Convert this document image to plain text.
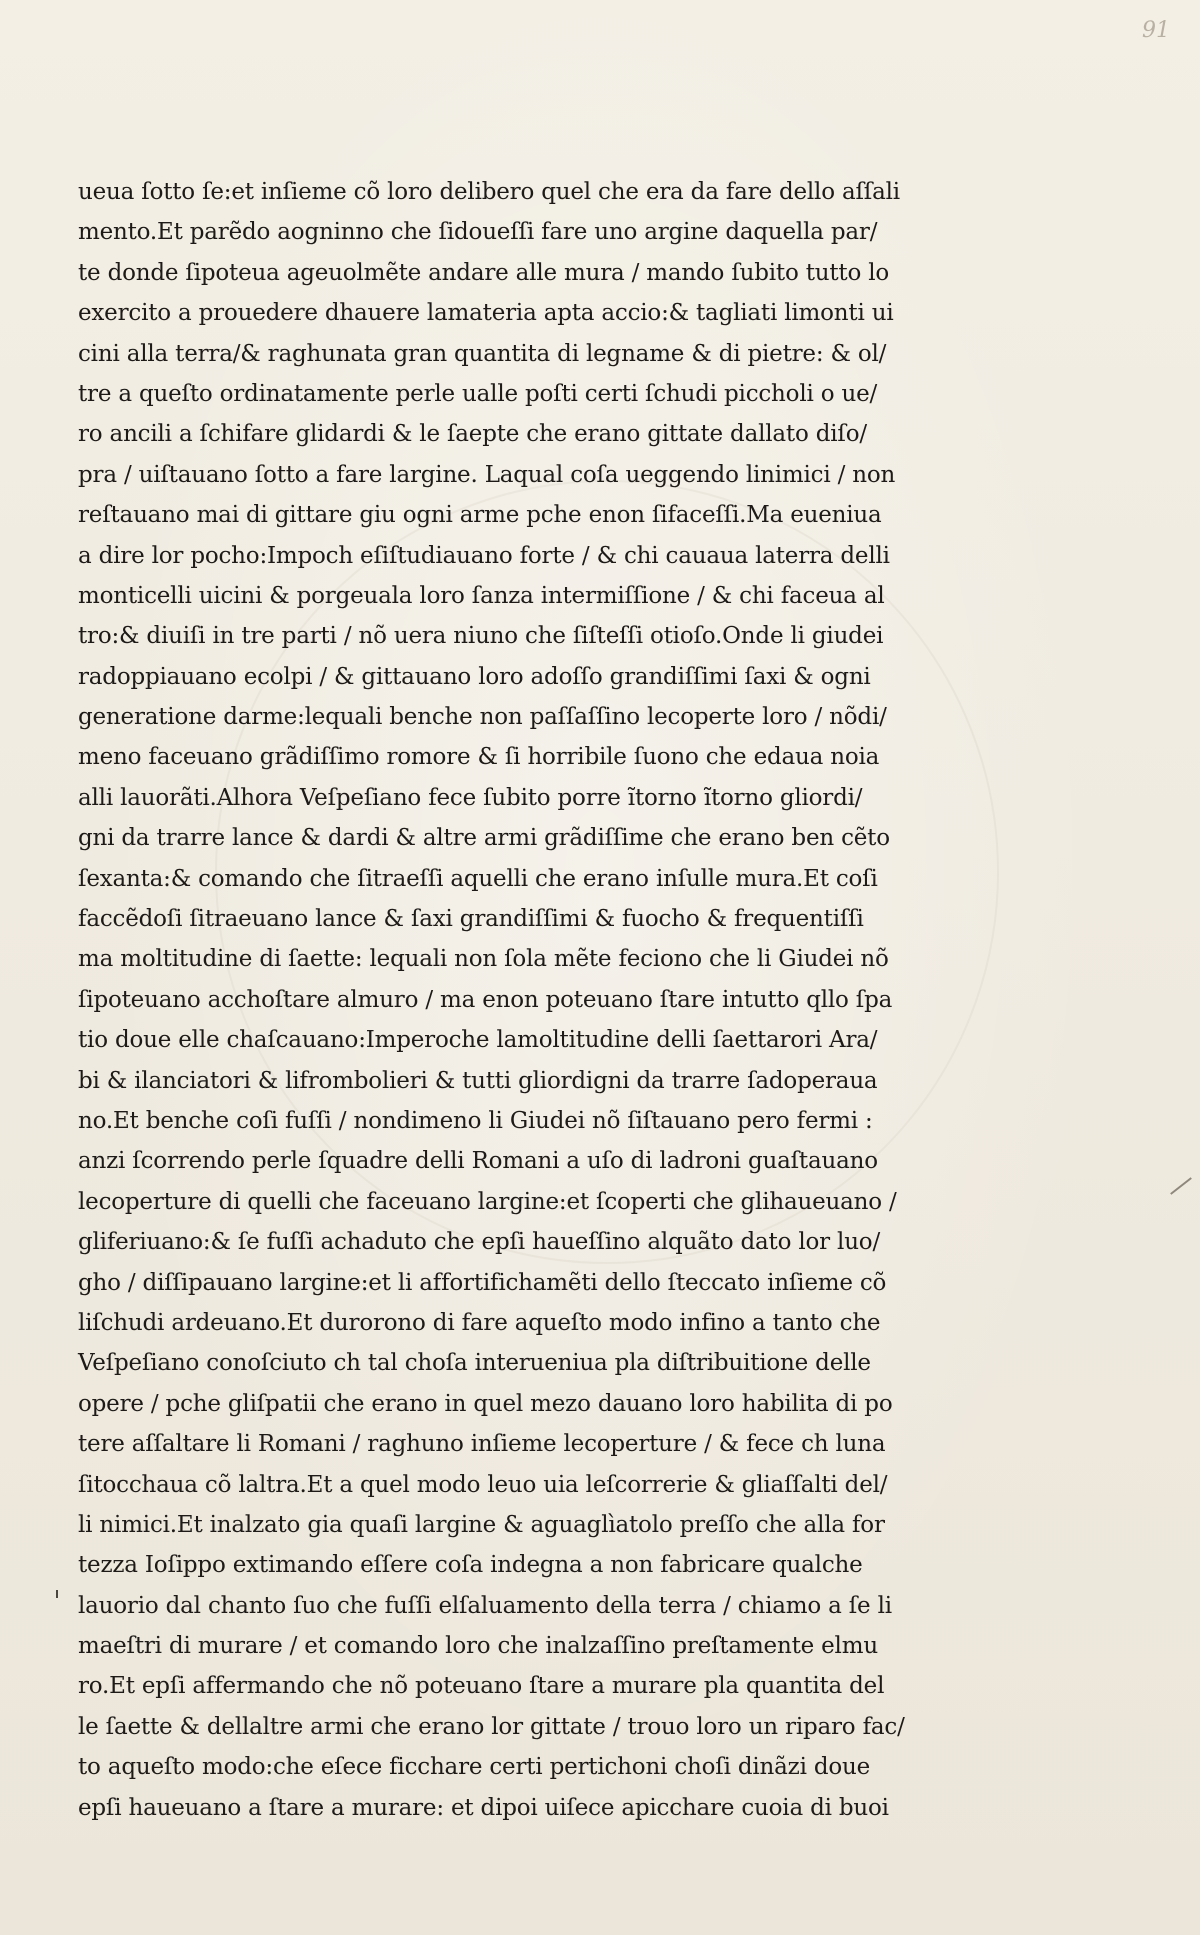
91
ueua ſotto ſe:et inſieme cõ loro delibero quel che era da fare dello aſſali
mento.Et parẽdo aogninno che ſidoueſſi fare uno argine daquella par/
te donde ſipoteua ageuolmẽte andare alle mura / mando ſubito tutto lo
exercito a prouedere dhauere lamateria apta accio:& tagliati limonti ui
cini alla terra/& raghunata gran quantita di legname & di pietre: & ol/
tre a queſto ordinatamente perle ualle poſti certi ſchudi piccholi o ue/
ro ancili a ſchifare glidardi & le ſaepte che erano gittate dallato diſo/
pra / uiſtauano ſotto a fare largine. Laqual coſa ueggendo linimici / non
reſtauano mai di gittare giu ogni arme pche enon ſifaceſſi.Ma eueniua
a dire lor pocho:Impoch eſiſtudiauano forte / & chi cauaua laterra delli
monticelli uicini & porgeuala loro ſanza intermiſſione / & chi faceua al
tro:& diuiſi in tre parti / nõ uera niuno che ſiſteſſi otioſo.Onde li giudei
radoppiauano ecolpi / & gittauano loro adoſſo grandiſſimi ſaxi & ogni
generatione darme:lequali benche non paſſaſſino lecoperte loro / nõdi/
meno faceuano grãdiſſimo romore & ſi horribile ſuono che edaua noia
alli lauorãti.Alhora Veſpeſiano fece ſubito porre ĩtorno ĩtorno gliordi/
gni da trarre lance & dardi & altre armi grãdiſſime che erano ben cẽto
ſexanta:& comando che ſitraeſſi aquelli che erano inſulle mura.Et coſi
faccẽdoſi ſitraeuano lance & ſaxi grandiſſimi & fuocho & frequentiſſi
ma moltitudine di ſaette: lequali non ſola mẽte feciono che li Giudei nõ
ſipoteuano acchoſtare almuro / ma enon poteuano ſtare intutto qllo ſpa
tio doue elle chaſcauano:Imperoche lamoltitudine delli ſaettarori Ara/
bi & ilanciatori & lifrombolieri & tutti gliordigni da trarre ſadoperaua
no.Et benche coſi fuſſi / nondimeno li Giudei nõ ſiſtauano pero fermi :
anzi ſcorrendo perle ſquadre delli Romani a uſo di ladroni guaſtauano
lecoperture di quelli che faceuano largine:et ſcoperti che glihaueuano /
gliferiuano:& ſe fuſſi achaduto che epſi haueſſino alquãto dato lor luo/
gho / diſſipauano largine:et li affortifichamẽti dello ſteccato inſieme cõ
liſchudi ardeuano.Et durorono di fare aqueſto modo infino a tanto che
Veſpeſiano conoſciuto ch tal choſa interueniua pla diſtribuitione delle
opere / pche gliſpatii che erano in quel mezo dauano loro habilita di po
tere aſſaltare li Romani / raghuno inſieme lecoperture / & fece ch luna
ſitocchaua cõ laltra.Et a quel modo leuo uia leſcorrerie & gliaſſalti del/
li nimici.Et inalzato gia quaſi largine & aguaglìatolo preſſo che alla for
tezza Ioſippo extimando eſſere coſa indegna a non fabricare qualche
lauorio dal chanto ſuo che fuſſi elſaluamento della terra / chiamo a ſe li
maeſtri di murare / et comando loro che inalzaſſino preſtamente elmu
ro.Et epſi affermando che nõ poteuano ſtare a murare pla quantita del
le ſaette & dellaltre armi che erano lor gittate / trouo loro un riparo fac/
to aqueſto modo:che eſece ficchare certi pertichoni choſi dinãzi doue
epſi haueuano a ſtare a murare: et dipoi uiſece apicchare cuoia di buoi
